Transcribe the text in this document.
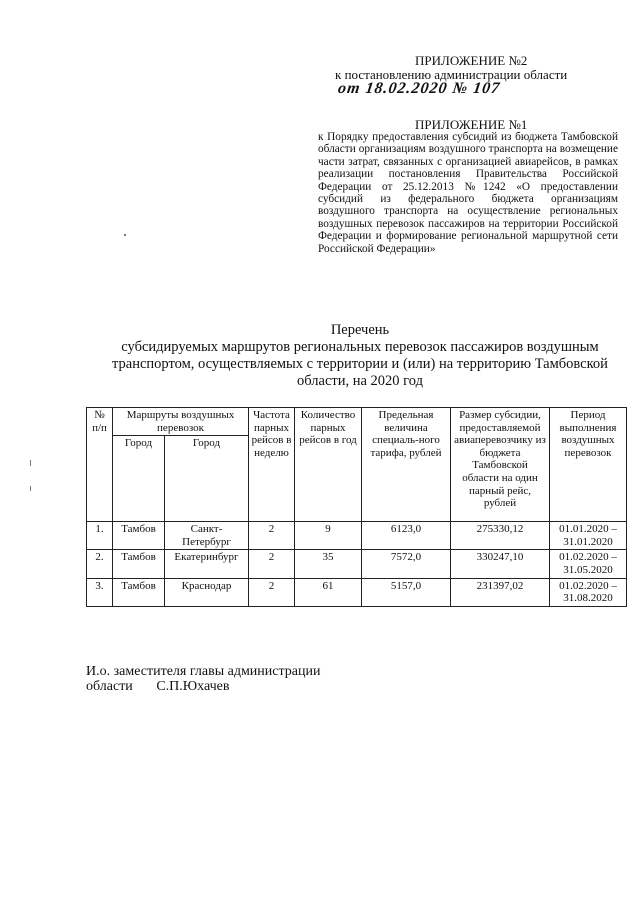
ПРИЛОЖЕНИЕ №2
к постановлению администрации области
от 18.02.2020 № 107
ПРИЛОЖЕНИЕ №1
к Порядку предоставления субсидий из бюджета Тамбовской области организациям воздушного транспорта на возмещение части затрат, связанных с организацией авиарейсов, в рамках реализации постановления Правительства Российской Федерации от 25.12.2013 №1242 «О предоставлении субсидий из федерального бюджета организациям воздушного транспорта на осуществление региональных воздушных перевозок пассажиров на территории Российской Федерации и формирование региональной маршрутной сети Российской Федерации»
Перечень
субсидируемых маршрутов региональных перевозок пассажиров воздушным
транспортом, осуществляемых с территории и (или) на территорию Тамбовской
области, на 2020 год
№ п/п	Маршруты воздушных перевозок		Частота парных рейсов в неделю	Количество парных рейсов в год	Предельная величина специаль-ного тарифа, рублей	Размер субсидии, предоставляемой авиаперевозчику из бюджета Тамбовской области на один парный рейс, рублей	Период выполнения воздушных перевозок
	Город	Город					
1.	Тамбов	Санкт-Петербург	2	9	6123,0	275330,12	01.01.2020 –
31.01.2020

2.	Тамбов	Екатеринбург	2	35	7572,0	330247,10	01.02.2020 –
31.05.2020

3.	Тамбов	Краснодар	2	61	5157,0	231397,02	01.02.2020 –
31.08.2020
И.о. заместителя главы администрации
области С.П.Юхачев
